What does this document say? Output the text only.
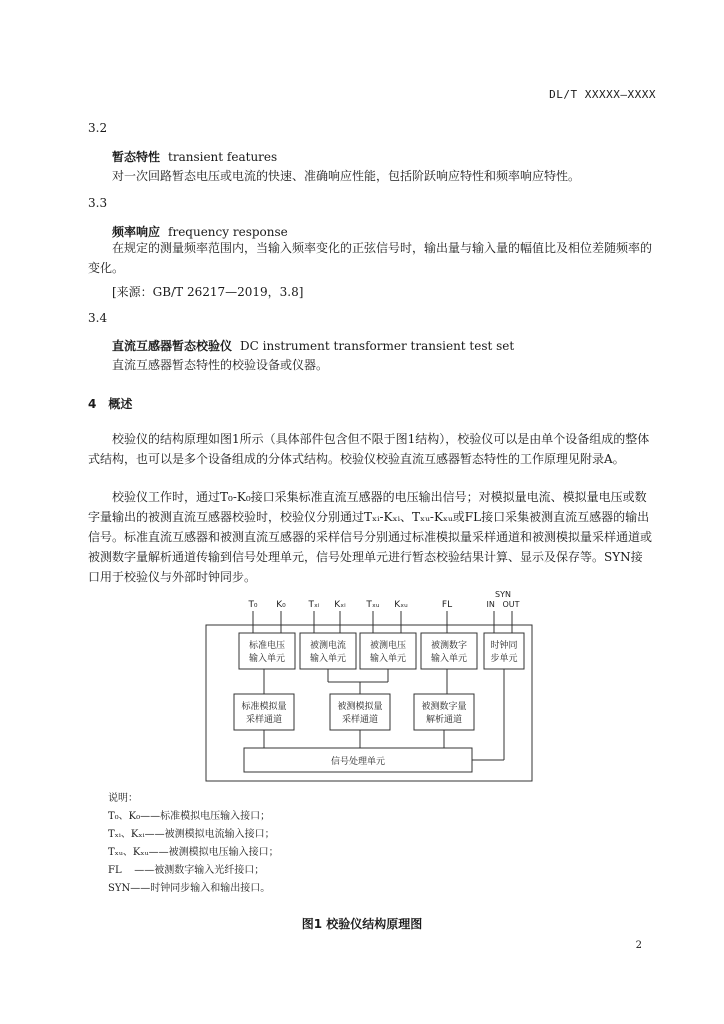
DL/T XXXXX—XXXX
3.2
暂态特性 transient features
对一次回路暂态电压或电流的快速、准确响应性能，包括阶跃响应特性和频率响应特性。
3.3
频率响应 frequency response
在规定的测量频率范围内，当输入频率变化的正弦信号时，输出量与输入量的幅值比及相位差随频率的变化。
[来源：GB/T 26217—2019，3.8]
3.4
直流互感器暂态校验仪 DC instrument transformer transient test set
直流互感器暂态特性的校验设备或仪器。
4 概述
校验仪的结构原理如图1所示（具体部件包含但不限于图1结构），校验仪可以是由单个设备组成的整体式结构，也可以是多个设备组成的分体式结构。校验仪校验直流互感器暂态特性的工作原理见附录A。
校验仪工作时，通过T₀-K₀接口采集标准直流互感器的电压输出信号；对模拟量电流、模拟量电压或数字量输出的被测直流互感器校验时，校验仪分别通过Tₓᵢ-Kₓᵢ、Tₓᵤ-Kₓᵤ或FL接口采集被测直流互感器的输出信号。标准直流互感器和被测直流互感器的采样信号分别通过标准模拟量采样通道和被测模拟量采样通道或被测数字量解析通道传输到信号处理单元，信号处理单元进行暂态校验结果计算、显示及保存等。SYN接口用于校验仪与外部时钟同步。
T₀ K₀	Tₓᵢ Kₓᵢ Tₓᵤ Kₓᵤ	FL
SYN
IN   OUT
标准电压
输入单元
被测电流
输入单元
被测电压
输入单元
被测数字
输入单元
时钟同
步单元
标准模拟量
采样通道
被测模拟量
采样通道
被测数字量
解析通道
信号处理单元
说明：
T₀、K₀——标准模拟电压输入接口；
Tₓᵢ、Kₓᵢ——被测模拟电流输入接口；
Tₓᵤ、Kₓᵤ——被测模拟电压输入接口；
FL    ——被测数字输入光纤接口；
SYN——时钟同步输入和输出接口。
图1 校验仪结构原理图
2
